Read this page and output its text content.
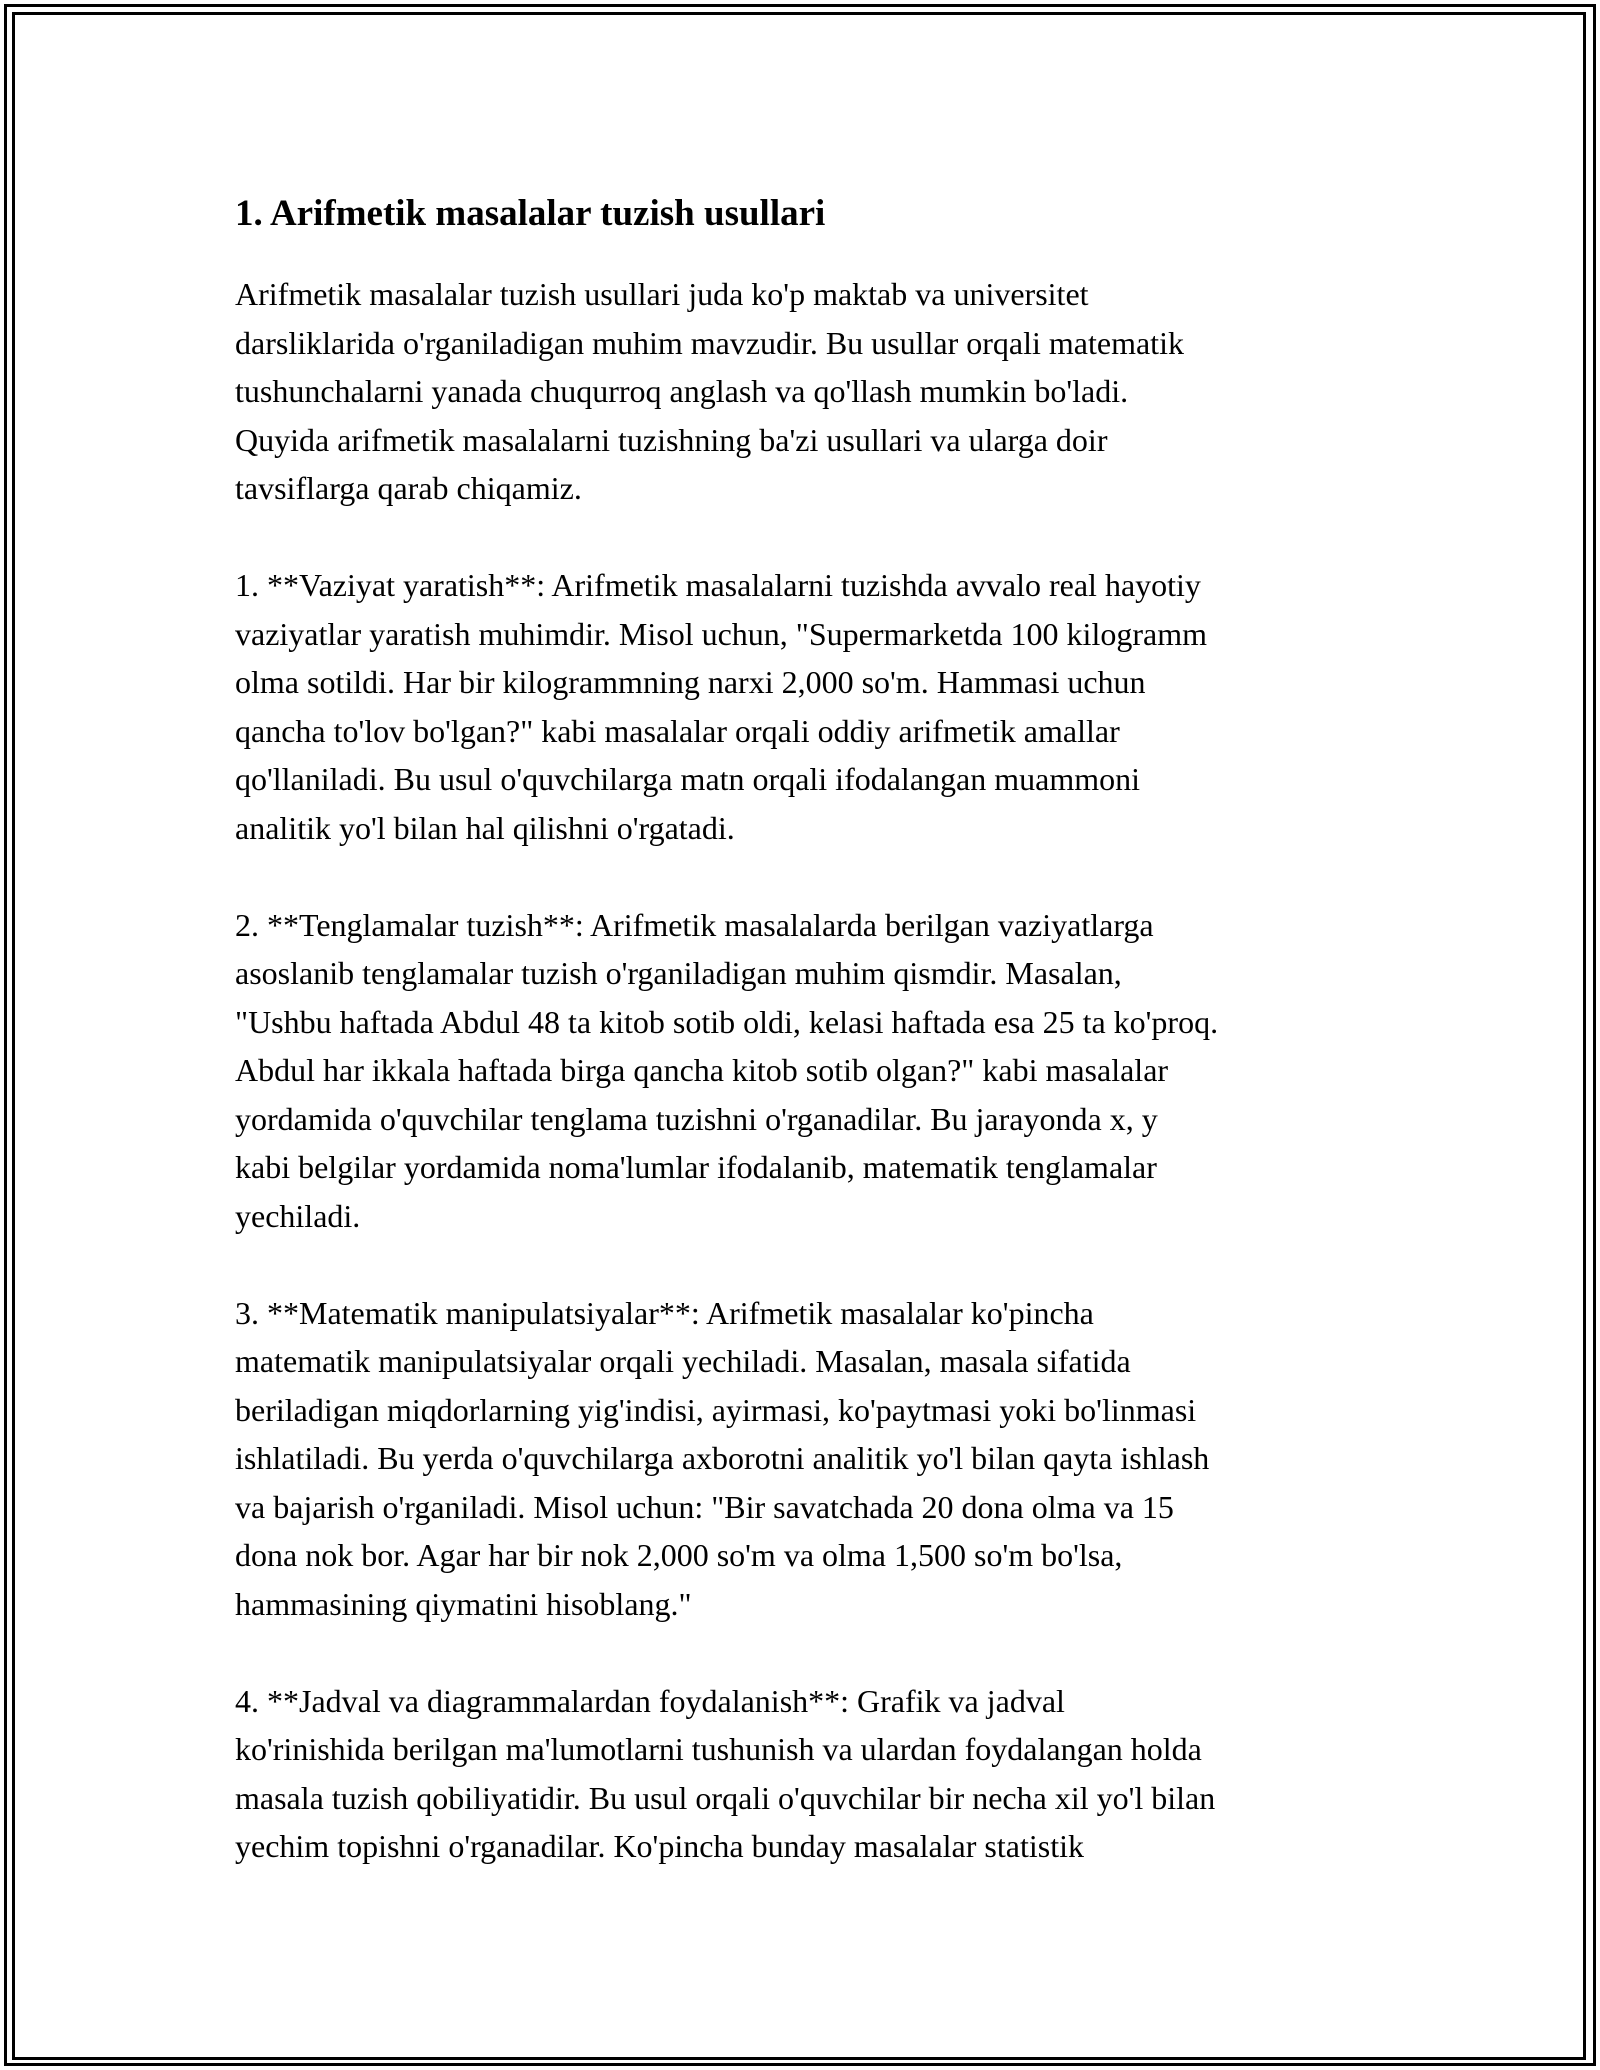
1. Arifmetik masalalar tuzish usullari

Arifmetik masalalar tuzish usullari juda ko'p maktab va universitet
darsliklarida o'rganiladigan muhim mavzudir. Bu usullar orqali matematik
tushunchalarni yanada chuqurroq anglash va qo'llash mumkin bo'ladi.
Quyida arifmetik masalalarni tuzishning ba'zi usullari va ularga doir
tavsiflarga qarab chiqamiz.

1. **Vaziyat yaratish**: Arifmetik masalalarni tuzishda avvalo real hayotiy
vaziyatlar yaratish muhimdir. Misol uchun, "Supermarketda 100 kilogramm
olma sotildi. Har bir kilogrammning narxi 2,000 so'm. Hammasi uchun
qancha to'lov bo'lgan?" kabi masalalar orqali oddiy arifmetik amallar
qo'llaniladi. Bu usul o'quvchilarga matn orqali ifodalangan muammoni
analitik yo'l bilan hal qilishni o'rgatadi.

2. **Tenglamalar tuzish**: Arifmetik masalalarda berilgan vaziyatlarga
asoslanib tenglamalar tuzish o'rganiladigan muhim qismdir. Masalan,
"Ushbu haftada Abdul 48 ta kitob sotib oldi, kelasi haftada esa 25 ta ko'proq.
Abdul har ikkala haftada birga qancha kitob sotib olgan?" kabi masalalar
yordamida o'quvchilar tenglama tuzishni o'rganadilar. Bu jarayonda x, y
kabi belgilar yordamida noma'lumlar ifodalanib, matematik tenglamalar
yechiladi.

3. **Matematik manipulatsiyalar**: Arifmetik masalalar ko'pincha
matematik manipulatsiyalar orqali yechiladi. Masalan, masala sifatida
beriladigan miqdorlarning yig'indisi, ayirmasi, ko'paytmasi yoki bo'linmasi
ishlatiladi. Bu yerda o'quvchilarga axborotni analitik yo'l bilan qayta ishlash
va bajarish o'rganiladi. Misol uchun: "Bir savatchada 20 dona olma va 15
dona nok bor. Agar har bir nok 2,000 so'm va olma 1,500 so'm bo'lsa,
hammasining qiymatini hisoblang."

4. **Jadval va diagrammalardan foydalanish**: Grafik va jadval
ko'rinishida berilgan ma'lumotlarni tushunish va ulardan foydalangan holda
masala tuzish qobiliyatidir. Bu usul orqali o'quvchilar bir necha xil yo'l bilan
yechim topishni o'rganadilar. Ko'pincha bunday masalalar statistik
